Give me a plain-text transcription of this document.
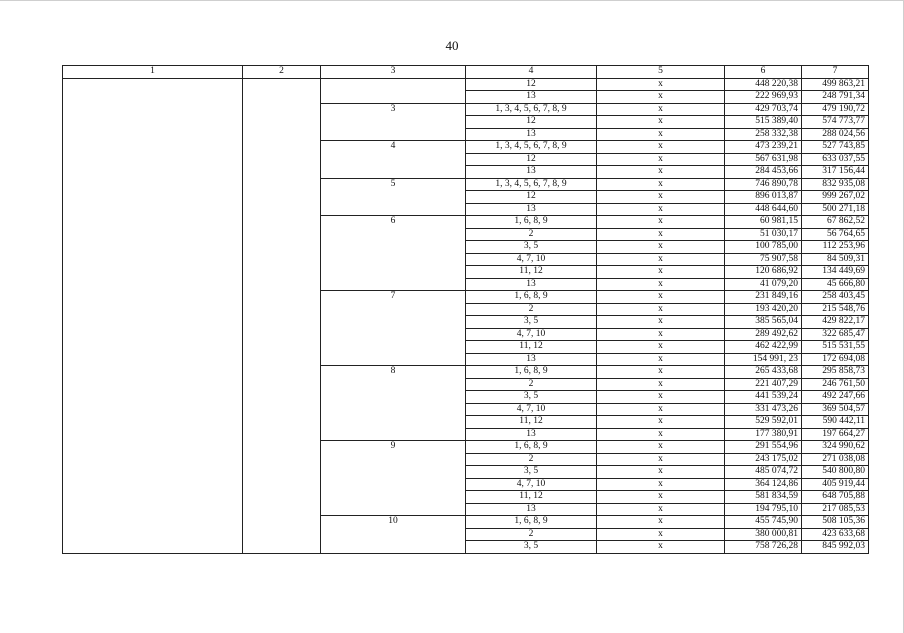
40
1	2	3	4	5	6	7
			12	x	448 220,38	499 863,21
			13	x	222 969,93	248 791,34
		3	1, 3, 4, 5, 6, 7, 8, 9	x	429 703,74	479 190,72
			12	x	515 389,40	574 773,77
			13	x	258 332,38	288 024,56
		4	1, 3, 4, 5, 6, 7, 8, 9	x	473 239,21	527 743,85
			12	x	567 631,98	633 037,55
			13	x	284 453,66	317 156,44
		5	1, 3, 4, 5, 6, 7, 8, 9	x	746 890,78	832 935,08
			12	x	896 013,87	999 267,02
			13	x	448 644,60	500 271,18
		6	1, 6, 8, 9	x	60 981,15	67 862,52
			2	x	51 030,17	56 764,65
			3, 5	x	100 785,00	112 253,96
			4, 7, 10	x	75 907,58	84 509,31
			11, 12	x	120 686,92	134 449,69
			13	x	41 079,20	45 666,80
		7	1, 6, 8, 9	x	231 849,16	258 403,45
			2	x	193 420,20	215 548,76
			3, 5	x	385 565,04	429 822,17
			4, 7, 10	x	289 492,62	322 685,47
			11, 12	x	462 422,99	515 531,55
			13	x	154 991, 23	172 694,08
		8	1, 6, 8, 9	x	265 433,68	295 858,73
			2	x	221 407,29	246 761,50
			3, 5	x	441 539,24	492 247,66
			4, 7, 10	x	331 473,26	369 504,57
			11, 12	x	529 592,01	590 442,11
			13	x	177 380,91	197 664,27
		9	1, 6, 8, 9	x	291 554,96	324 990,62
			2	x	243 175,02	271 038,08
			3, 5	x	485 074,72	540 800,80
			4, 7, 10	x	364 124,86	405 919,44
			11, 12	x	581 834,59	648 705,88
			13	x	194 795,10	217 085,53
		10	1, 6, 8, 9	x	455 745,90	508 105,36
			2	x	380 000,81	423 633,68
			3, 5	x	758 726,28	845 992,03
